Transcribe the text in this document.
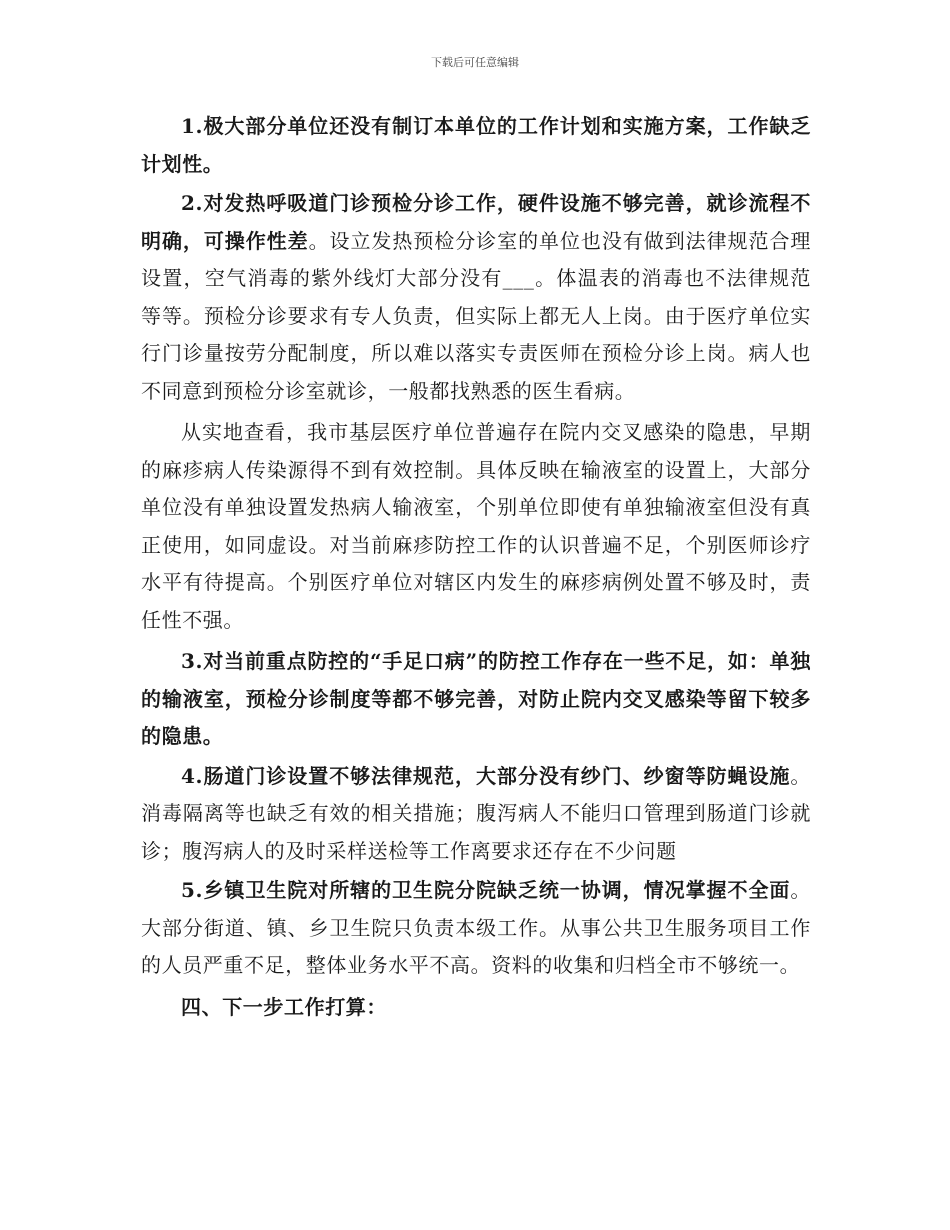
下载后可任意编辑

1.极大部分单位还没有制订本单位的工作计划和实施方案，工作缺乏计划性。

2.对发热呼吸道门诊预检分诊工作，硬件设施不够完善，就诊流程不明确，可操作性差。设立发热预检分诊室的单位也没有做到法律规范合理设置，空气消毒的紫外线灯大部分没有___。体温表的消毒也不法律规范等等。预检分诊要求有专人负责，但实际上都无人上岗。由于医疗单位实行门诊量按劳分配制度，所以难以落实专责医师在预检分诊上岗。病人也不同意到预检分诊室就诊，一般都找熟悉的医生看病。

从实地查看，我市基层医疗单位普遍存在院内交叉感染的隐患，早期的麻疹病人传染源得不到有效控制。具体反映在输液室的设置上，大部分单位没有单独设置发热病人输液室，个别单位即使有单独输液室但没有真正使用，如同虚设。对当前麻疹防控工作的认识普遍不足，个别医师诊疗水平有待提高。个别医疗单位对辖区内发生的麻疹病例处置不够及时，责任性不强。

3.对当前重点防控的“手足口病”的防控工作存在一些不足，如：单独的输液室，预检分诊制度等都不够完善，对防止院内交叉感染等留下较多的隐患。

4.肠道门诊设置不够法律规范，大部分没有纱门、纱窗等防蝇设施。消毒隔离等也缺乏有效的相关措施；腹泻病人不能归口管理到肠道门诊就诊；腹泻病人的及时采样送检等工作离要求还存在不少问题

5.乡镇卫生院对所辖的卫生院分院缺乏统一协调，情况掌握不全面。大部分街道、镇、乡卫生院只负责本级工作。从事公共卫生服务项目工作的人员严重不足，整体业务水平不高。资料的收集和归档全市不够统一。

四、下一步工作打算：
